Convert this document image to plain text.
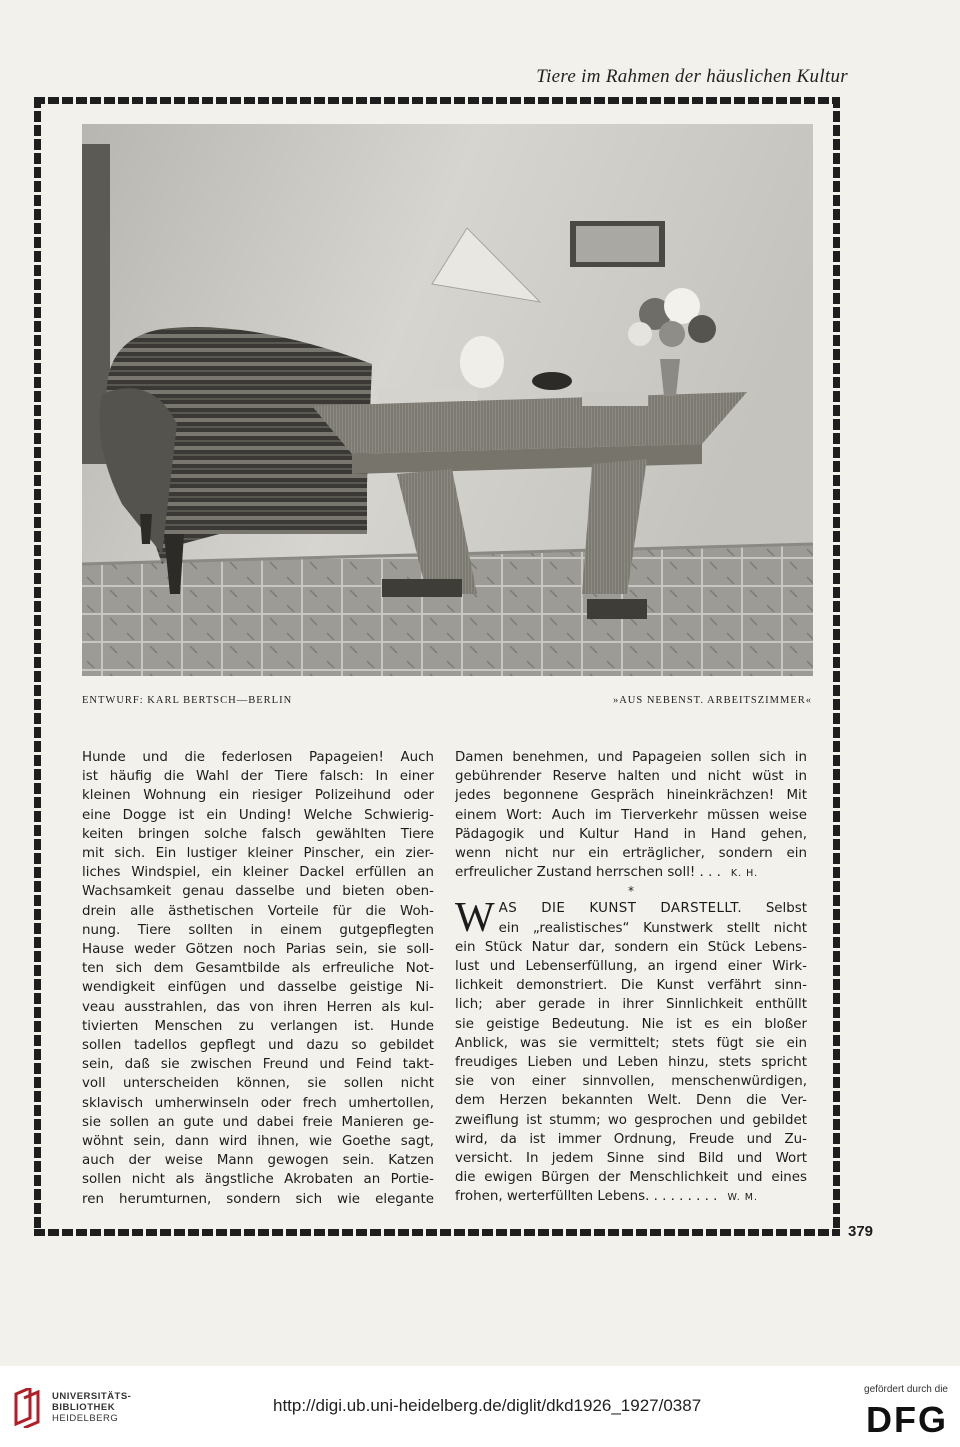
Tiere im Rahmen der häuslichen Kultur
379
ENTWURF: KARL BERTSCH—BERLIN	»AUS NEBENST. ARBEITSZIMMER«

Hunde und die federlosen Papageien! Auch

ist häufig die Wahl der Tiere falsch: In einer

kleinen Wohnung ein riesiger Polizeihund oder

eine Dogge ist ein Unding! Welche Schwierig-

keiten bringen solche falsch gewählten Tiere

mit sich. Ein lustiger kleiner Pinscher, ein zier-

liches Windspiel, ein kleiner Dackel erfüllen an

Wachsamkeit genau dasselbe und bieten oben-

drein alle ästhetischen Vorteile für die Woh-

nung. Tiere sollten in einem gutgepflegten

Hause weder Götzen noch Parias sein, sie soll-

ten sich dem Gesamtbilde als erfreuliche Not-

wendigkeit einfügen und dasselbe geistige Ni-

veau ausstrahlen, das von ihren Herren als kul-

tivierten Menschen zu verlangen ist. Hunde

sollen tadellos gepflegt und dazu so gebildet

sein, daß sie zwischen Freund und Feind takt-

voll unterscheiden können, sie sollen nicht

sklavisch umherwinseln oder frech umhertollen,

sie sollen an gute und dabei freie Manieren ge-

wöhnt sein, dann wird ihnen, wie Goethe sagt,

auch der weise Mann gewogen sein. Katzen

sollen nicht als ängstliche Akrobaten an Portie-

ren herumturnen, sondern sich wie elegante

Damen benehmen, und Papageien sollen sich in

gebührender Reserve halten und nicht wüst in

jedes begonnene Gespräch hineinkrächzen! Mit

einem Wort: Auch im Tierverkehr müssen weise

Pädagogik und Kultur Hand in Hand gehen,

wenn nicht nur ein erträglicher, sondern ein

erfreulicher Zustand herrschen soll! . . . K. H.

*

W AS DIE KUNST DARSTELLT. Selbst

ein „realistisches“ Kunstwerk stellt nicht

ein Stück Natur dar, sondern ein Stück Lebens-

lust und Lebenserfüllung, an irgend einer Wirk-

lichkeit demonstriert. Die Kunst verfährt sinn-

lich; aber gerade in ihrer Sinnlichkeit enthüllt

sie geistige Bedeutung. Nie ist es ein bloßer

Anblick, was sie vermittelt; stets fügt sie ein

freudiges Lieben und Leben hinzu, stets spricht

sie von einer sinnvollen, menschenwürdigen,

dem Herzen bekannten Welt. Denn die Ver-

zweiflung ist stumm; wo gesprochen und gebildet

wird, da ist immer Ordnung, Freude und Zu-

versicht. In jedem Sinne sind Bild und Wort

die ewigen Bürgen der Menschlichkeit und eines

frohen, werterfüllten Lebens. . . . . . . . . W. M.

UNIVERSITÄTS-
BIBLIOTHEK
HEIDELBERG
http://digi.ub.uni-heidelberg.de/diglit/dkd1926_1927/0387
gefördert durch die
DFG
